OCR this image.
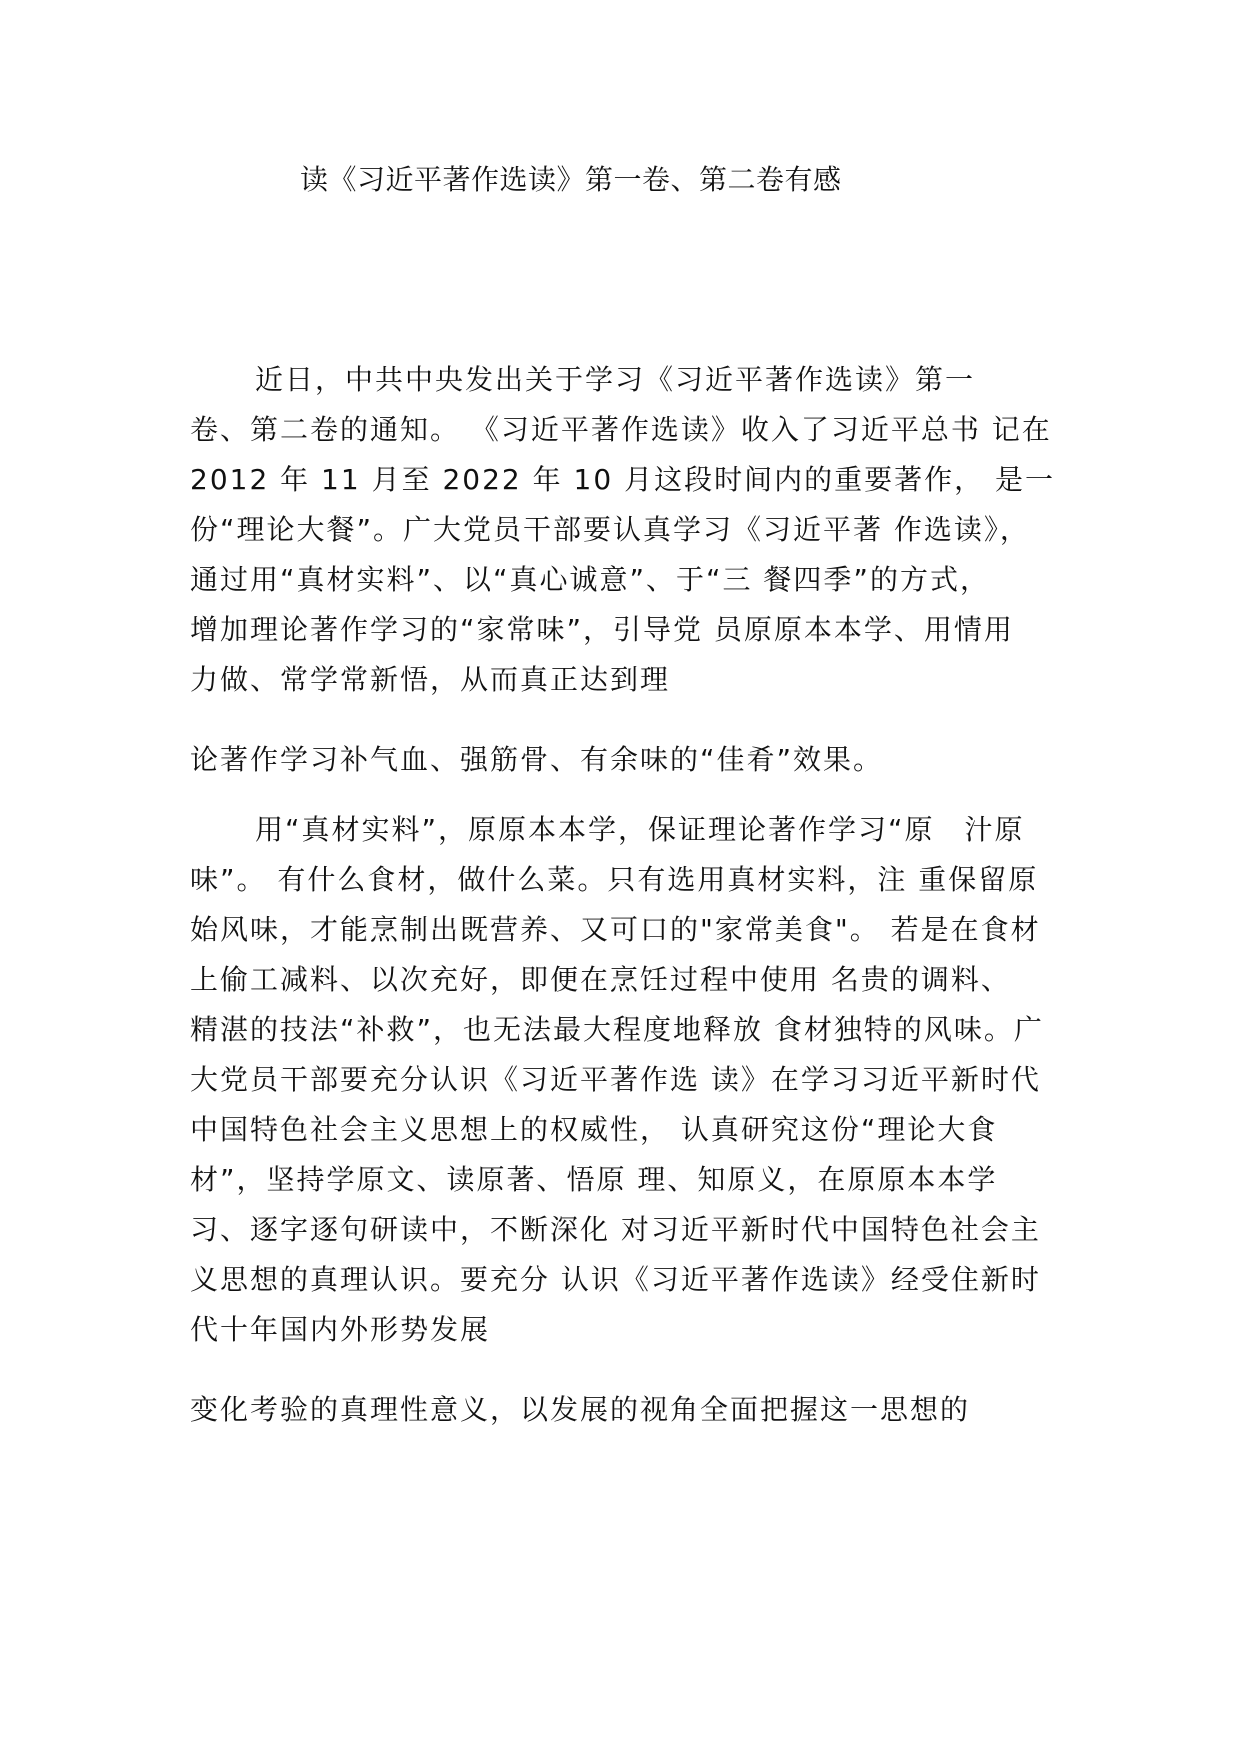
读《习近平著作选读》第一卷、第二卷有感
近日，中共中央发出关于学习《习近平著作选读》第一
卷、第二卷的通知。 《习近平著作选读》收入了习近平总书 记在
2012 年 11 月至 2022 年 10 月这段时间内的重要著作， 是一
份“理论大餐”。广大党员干部要认真学习《习近平著 作选读》，
通过用“真材实料”、以“真心诚意”、于“三 餐四季”的方式，
增加理论著作学习的“家常味”，引导党 员原原本本学、用情用
力做、常学常新悟，从而真正达到理
论著作学习补气血、强筋骨、有余味的“佳肴”效果。
用“真材实料”，原原本本学，保证理论著作学习“原　汁原
味”。 有什么食材，做什么菜。只有选用真材实料，注 重保留原
始风味，才能烹制出既营养、又可口的"家常美食"。 若是在食材
上偷工减料、以次充好，即便在烹饪过程中使用 名贵的调料、
精湛的技法“补救”，也无法最大程度地释放 食材独特的风味。广
大党员干部要充分认识《习近平著作选 读》在学习习近平新时代
中国特色社会主义思想上的权威性， 认真研究这份“理论大食
材”，坚持学原文、读原著、悟原 理、知原义，在原原本本学
习、逐字逐句研读中，不断深化 对习近平新时代中国特色社会主
义思想的真理认识。要充分 认识《习近平著作选读》经受住新时
代十年国内外形势发展
变化考验的真理性意义，以发展的视角全面把握这一思想的
